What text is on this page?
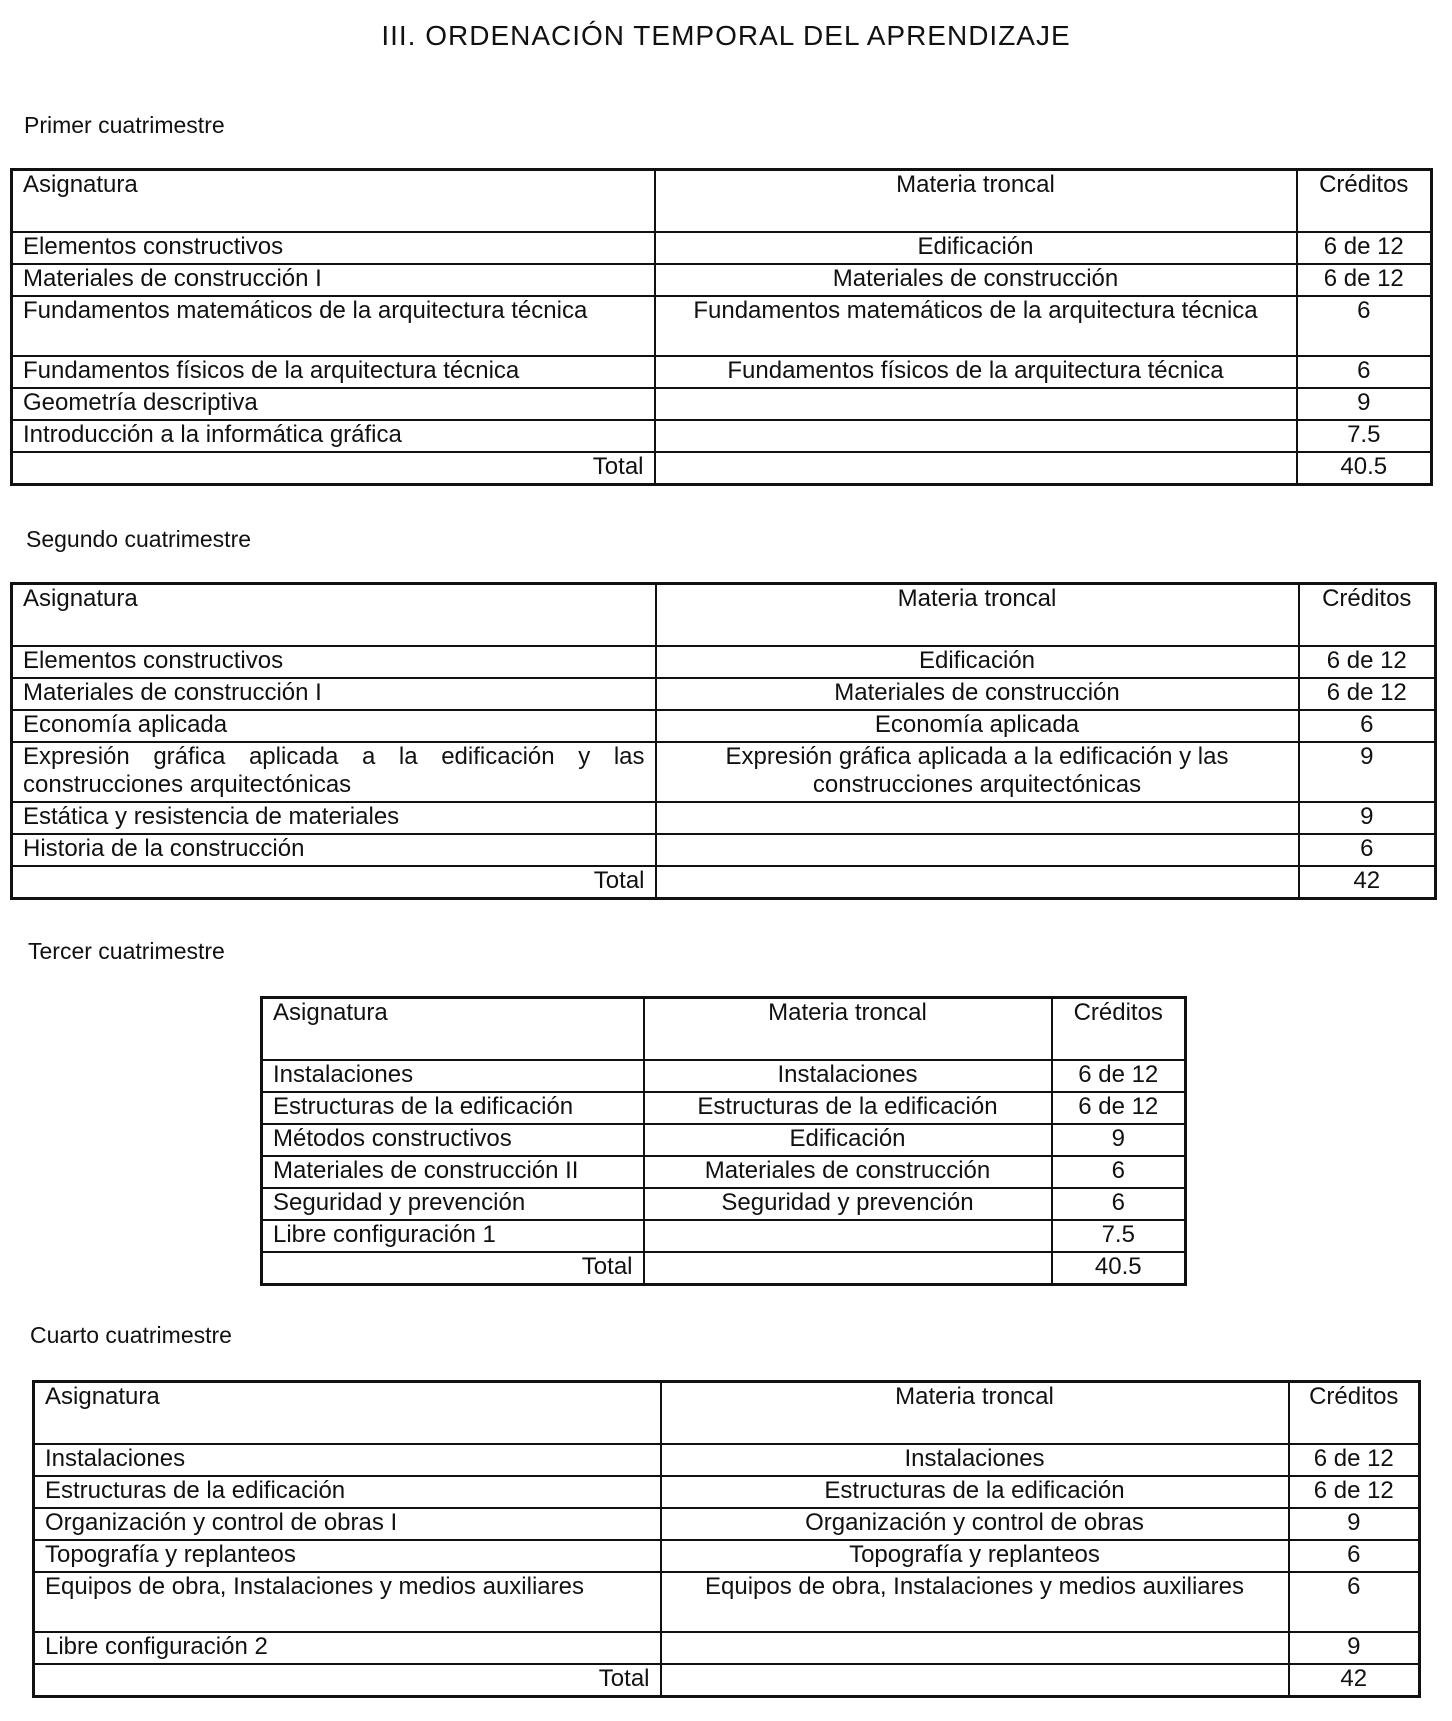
III. ORDENACIÓN TEMPORAL DEL APRENDIZAJE
Primer cuatrimestre
Asignatura	Materia troncal	Créditos
Elementos constructivos	Edificación	6 de 12
Materiales de construcción I	Materiales de construcción	6 de 12
Fundamentos matemáticos de la arquitectura técnica	Fundamentos matemáticos de la arquitectura técnica	6
Fundamentos físicos de la arquitectura técnica	Fundamentos físicos de la arquitectura técnica	6
Geometría descriptiva		9
Introducción a la informática gráfica		7.5
Total		40.5
Segundo cuatrimestre
Asignatura	Materia troncal	Créditos
Elementos constructivos	Edificación	6 de 12
Materiales de construcción I	Materiales de construcción	6 de 12
Economía aplicada	Economía aplicada	6
Expresión gráfica aplicada a la edificación y las construcciones arquitectónicas	Expresión gráfica aplicada a la edificación y las construcciones arquitectónicas	9
Estática y resistencia de materiales		9
Historia de la construcción		6
Total		42
Tercer cuatrimestre
Asignatura	Materia troncal	Créditos
Instalaciones	Instalaciones	6 de 12
Estructuras de la edificación	Estructuras de la edificación	6 de 12
Métodos constructivos	Edificación	9
Materiales de construcción II	Materiales de construcción	6
Seguridad y prevención	Seguridad y prevención	6
Libre configuración 1		7.5
Total		40.5
Cuarto cuatrimestre
Asignatura	Materia troncal	Créditos
Instalaciones	Instalaciones	6 de 12
Estructuras de la edificación	Estructuras de la edificación	6 de 12
Organización y control de obras I	Organización y control de obras	9
Topografía y replanteos	Topografía y replanteos	6
Equipos de obra, Instalaciones y medios auxiliares	Equipos de obra, Instalaciones y medios auxiliares	6
Libre configuración 2		9
Total		42
